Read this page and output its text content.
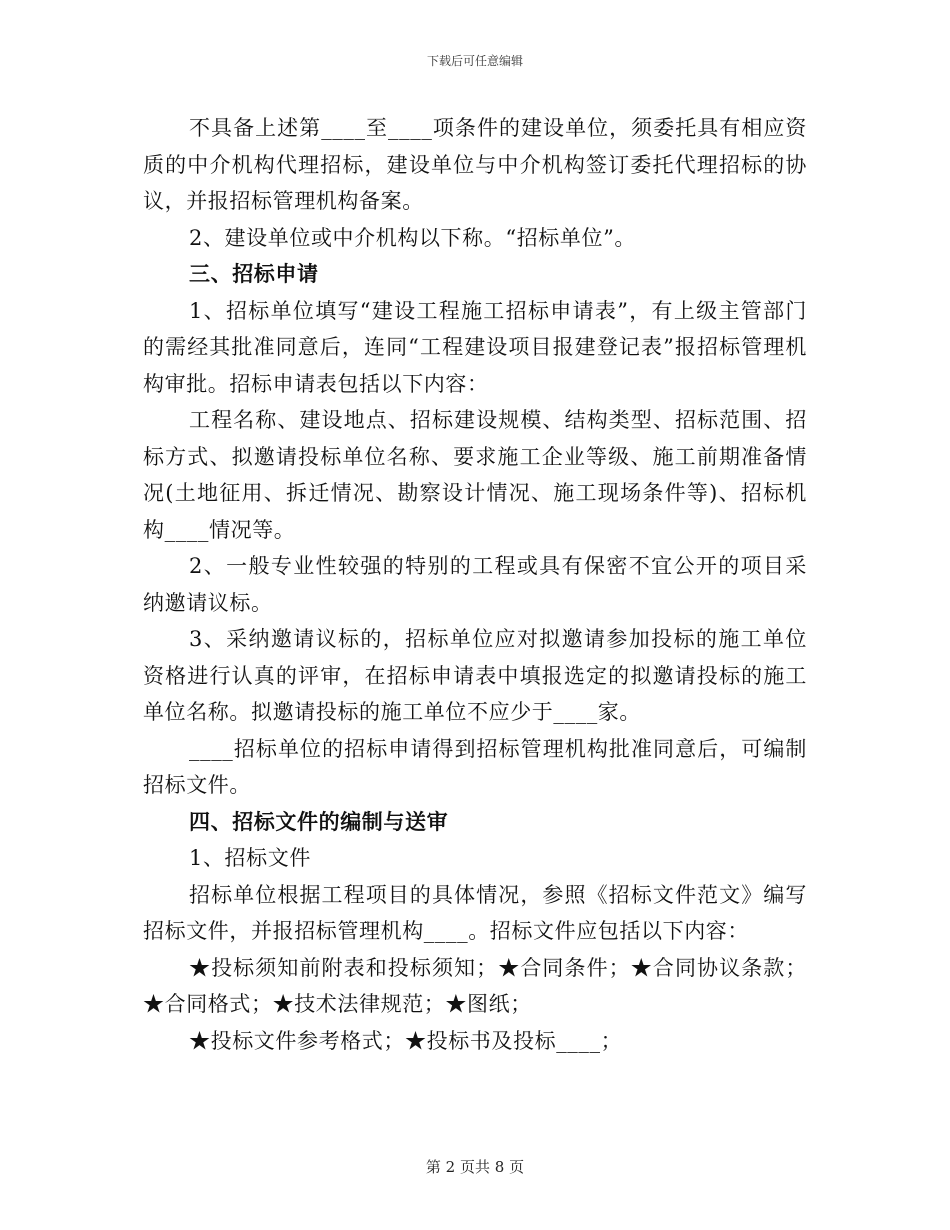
下载后可任意编辑

不具备上述第____至____项条件的建设单位，须委托具有相应资质的中介机构代理招标，建设单位与中介机构签订委托代理招标的协议，并报招标管理机构备案。

2、建设单位或中介机构以下称。“招标单位”。

三、招标申请

1、招标单位填写“建设工程施工招标申请表”，有上级主管部门的需经其批准同意后，连同“工程建设项目报建登记表”报招标管理机构审批。招标申请表包括以下内容：

工程名称、建设地点、招标建设规模、结构类型、招标范围、招标方式、拟邀请投标单位名称、要求施工企业等级、施工前期准备情况(土地征用、拆迁情况、勘察设计情况、施工现场条件等)、招标机构____情况等。

2、一般专业性较强的特别的工程或具有保密不宜公开的项目采纳邀请议标。

3、采纳邀请议标的，招标单位应对拟邀请参加投标的施工单位资格进行认真的评审，在招标申请表中填报选定的拟邀请投标的施工单位名称。拟邀请投标的施工单位不应少于____家。

____招标单位的招标申请得到招标管理机构批准同意后，可编制招标文件。

四、招标文件的编制与送审

1、招标文件

招标单位根据工程项目的具体情况，参照《招标文件范文》编写招标文件，并报招标管理机构____。招标文件应包括以下内容：

★投标须知前附表和投标须知；★合同条件；★合同协议条款；★合同格式；★技术法律规范；★图纸；

★投标文件参考格式；★投标书及投标____；

第 2 页共 8 页
